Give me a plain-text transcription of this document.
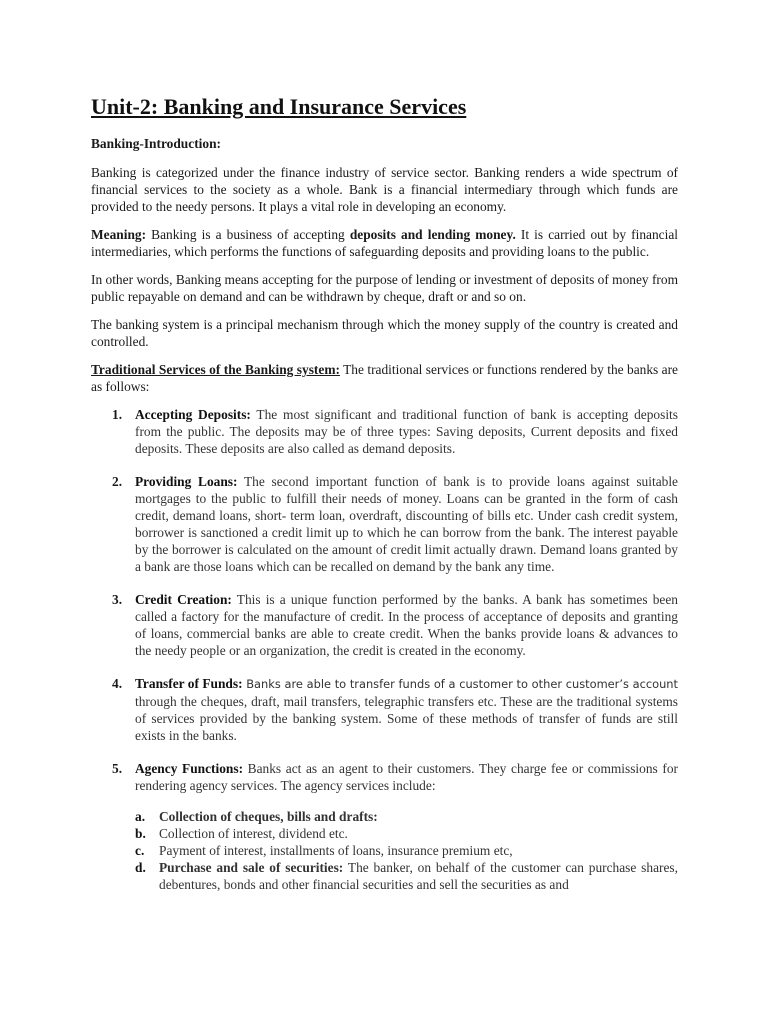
Unit-2: Banking and Insurance Services
Banking-Introduction:

Banking is categorized under the finance industry of service sector. Banking renders a wide spectrum of financial services to the society as a whole. Bank is a financial intermediary through which funds are provided to the needy persons. It plays a vital role in developing an economy.

Meaning: Banking is a business of accepting deposits and lending money. It is carried out by financial intermediaries, which performs the functions of safeguarding deposits and providing loans to the public.

In other words, Banking means accepting for the purpose of lending or investment of deposits of money from public repayable on demand and can be withdrawn by cheque, draft or and so on.

The banking system is a principal mechanism through which the money supply of the country is created and controlled.

Traditional Services of the Banking system: The traditional services or functions rendered by the banks are as follows:

1. Accepting Deposits: The most significant and traditional function of bank is accepting deposits from the public. The deposits may be of three types: Saving deposits, Current deposits and fixed deposits. These deposits are also called as demand deposits.
2. Providing Loans: The second important function of bank is to provide loans against suitable mortgages to the public to fulfill their needs of money. Loans can be granted in the form of cash credit, demand loans, short- term loan, overdraft, discounting of bills etc. Under cash credit system, borrower is sanctioned a credit limit up to which he can borrow from the bank. The interest payable by the borrower is calculated on the amount of credit limit actually drawn. Demand loans granted by a bank are those loans which can be recalled on demand by the bank any time.
3. Credit Creation: This is a unique function performed by the banks. A bank has sometimes been called a factory for the manufacture of credit. In the process of acceptance of deposits and granting of loans, commercial banks are able to create credit. When the banks provide loans & advances to the needy people or an organization, the credit is created in the economy.
4. Transfer of Funds: Banks are able to transfer funds of a customer to other customer’s account through the cheques, draft, mail transfers, telegraphic transfers etc. These are the traditional systems of services provided by the banking system. Some of these methods of transfer of funds are still exists in the banks.
5. Agency Functions: Banks act as an agent to their customers. They charge fee or commissions for rendering agency services. The agency services include:
a. Collection of cheques, bills and drafts:
b. Collection of interest, dividend etc.
c. Payment of interest, installments of loans, insurance premium etc,
d. Purchase and sale of securities: The banker, on behalf of the customer can purchase shares, debentures, bonds and other financial securities and sell the securities as and
